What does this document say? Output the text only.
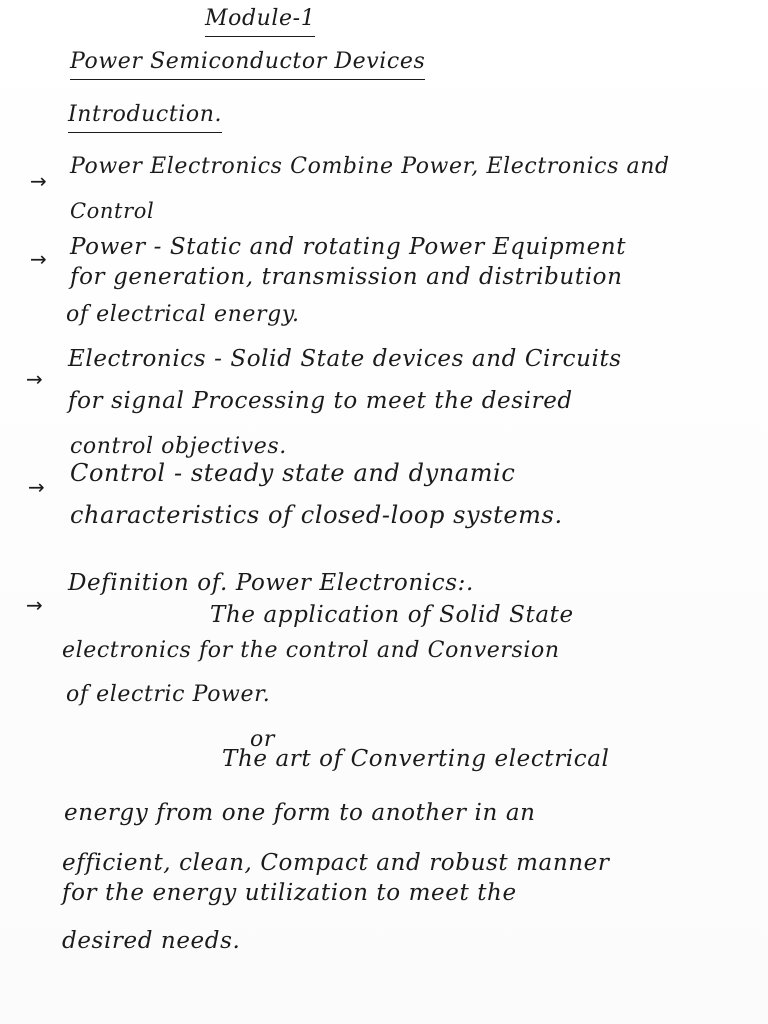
Module-1
Power Semiconductor Devices
Introduction.
→
Power Electronics Combine Power, Electronics and
Control
→ Power - Static and rotating Power Equipment
for generation, transmission and distribution
of electrical energy.
→
Electronics - Solid State devices and Circuits
for signal Processing to meet the desired
control objectives.
→ Control - steady state and dynamic
characteristics of closed-loop systems.
→
Definition of. Power Electronics:.
The application of Solid State
electronics for the control and Conversion
of electric Power.
or
The art of Converting electrical
energy from one form to another in an
efficient, clean, Compact and robust manner
for the energy utilization to meet the
desired needs.
